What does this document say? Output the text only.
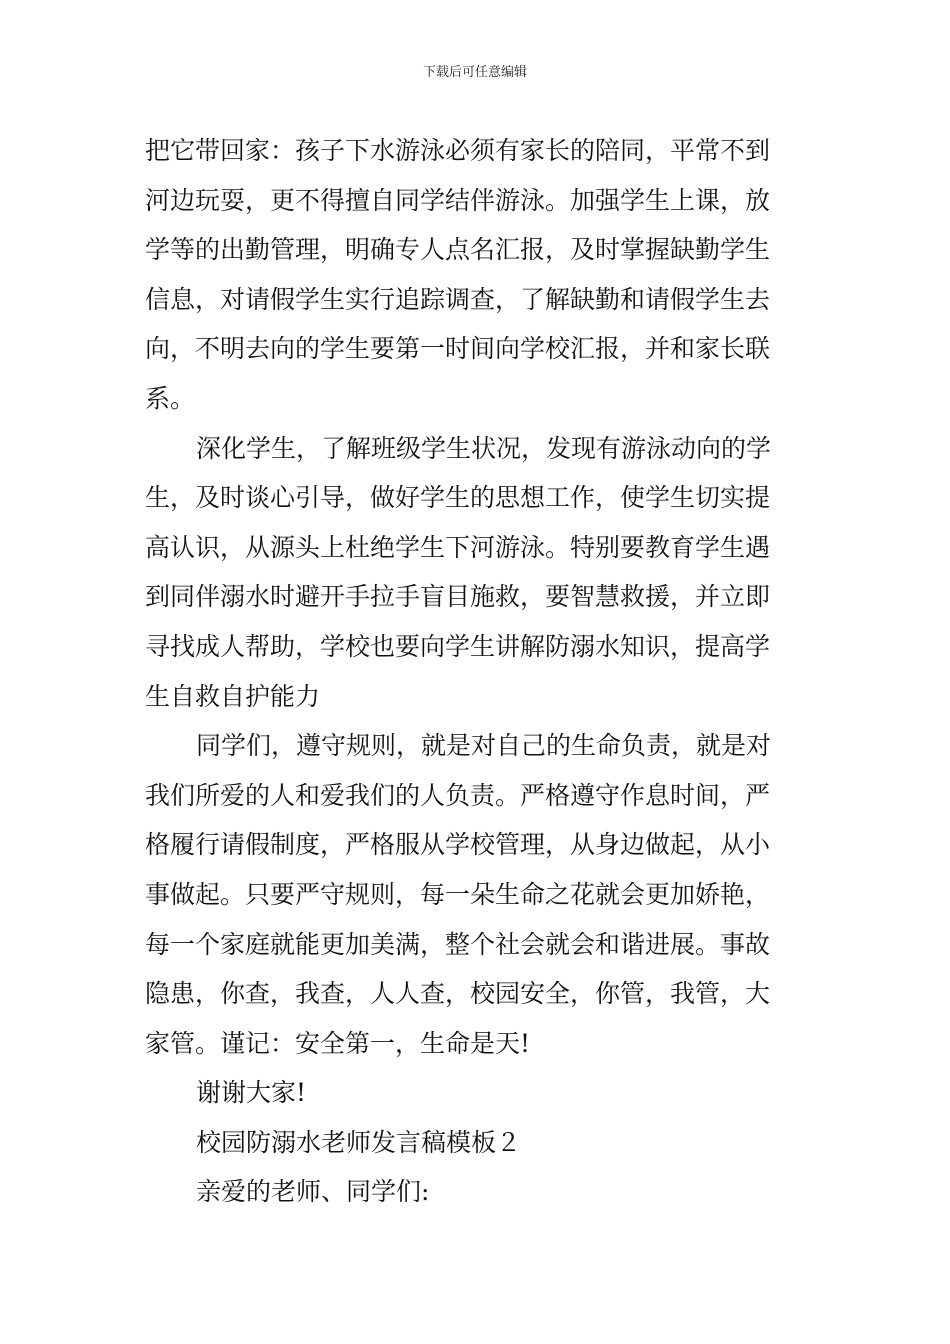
下载后可任意编辑
把它带回家：孩子下水游泳必须有家长的陪同，平常不到
河边玩耍，更不得擅自同学结伴游泳。加强学生上课，放
学等的出勤管理，明确专人点名汇报，及时掌握缺勤学生
信息，对请假学生实行追踪调查，了解缺勤和请假学生去
向，不明去向的学生要第一时间向学校汇报，并和家长联
系。
深化学生，了解班级学生状况，发现有游泳动向的学
生，及时谈心引导，做好学生的思想工作，使学生切实提
高认识，从源头上杜绝学生下河游泳。特别要教育学生遇
到同伴溺水时避开手拉手盲目施救，要智慧救援，并立即
寻找成人帮助，学校也要向学生讲解防溺水知识，提高学
生自救自护能力
同学们，遵守规则，就是对自己的生命负责，就是对
我们所爱的人和爱我们的人负责。严格遵守作息时间，严
格履行请假制度，严格服从学校管理，从身边做起，从小
事做起。只要严守规则，每一朵生命之花就会更加娇艳，
每一个家庭就能更加美满，整个社会就会和谐进展。事故
隐患，你查，我查，人人查，校园安全，你管，我管，大
家管。谨记：安全第一，生命是天!
谢谢大家!
校园防溺水老师发言稿模板２
亲爱的老师、同学们:
